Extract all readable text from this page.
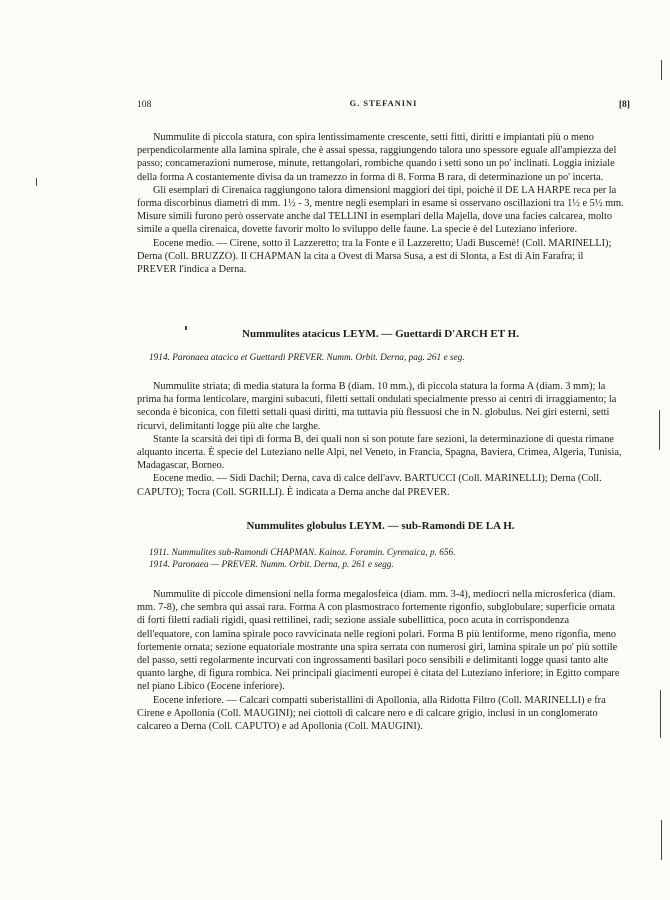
108	G. STEFANINI	[8]

Nummulite di piccola statura, con spira lentissimamente crescente, setti fitti, diritti e impiantati più o meno perpendicolarmente alla lamina spirale, che è assai spessa, raggiungendo talora uno spessore eguale all'ampiezza del passo; concamerazioni numerose, minute, rettangolari, rombiche quando i setti sono un po' inclinati. Loggia iniziale della forma A costantemente divisa da un tramezzo in forma di 8. Forma B rara, di determinazione un po' incerta.

Gli esemplari di Cirenaica raggiungono talora dimensioni maggiori dei tipi, poichè il DE LA HARPE reca per la forma discorbinus diametri di mm. 1½ - 3, mentre negli esemplari in esame si osservano oscillazioni tra 1½ e 5½ mm. Misure simili furono però osservate anche dal TELLINI in esemplari della Majella, dove una facies calcarea, molto simile a quella cirenaica, dovette favorir molto lo sviluppo delle faune. La specie è del Luteziano inferiore.

Eocene medio. — Cirene, sotto il Lazzeretto; tra la Fonte e il Lazzeretto; Uadi Buscemè! (Coll. MARINELLI); Derna (Coll. BRUZZO). Il CHAPMAN la cita a Ovest di Marsa Susa, a est di Slonta, a Est di Ain Farafra; il PREVER l'indica a Derna.

Nummulites atacicus LEYM. — Guettardi D'ARCH ET H.

1914. Paronaea atacica et Guettardi PREVER. Numm. Orbit. Derna, pag. 261 e seg.

Nummulite striata; di media statura la forma B (diam. 10 mm.), di piccola statura la forma A (diam. 3 mm); la prima ha forma lenticolare, margini subacuti, filetti settali ondulati specialmente presso ai centri di irraggiamento; la seconda è biconica, con filetti settali quasi diritti, ma tuttavia più flessuosi che in N. globulus. Nei giri esterni, setti ricurvi, delimitanti logge più alte che larghe.

Stante la scarsità dei tipi di forma B, dei quali non si son potute fare sezioni, la determinazione di questa rimane alquanto incerta. È specie del Luteziano nelle Alpi, nel Veneto, in Francia, Spagna, Baviera, Crimea, Algeria, Tunisia, Madagascar, Borneo.

Eocene medio. — Sidi Dachil; Derna, cava di calce dell'avv. BARTUCCI (Coll. MARINELLI); Derna (Coll. CAPUTO); Tocra (Coll. SGRILLI). È indicata a Derna anche dal PREVER.

Nummulites globulus LEYM. — sub-Ramondi DE LA H.

1911. Nummulites sub-Ramondi CHAPMAN. Kainoz. Foramin. Cyrenaica, p. 656.

1914. Paronaea — PREVER. Numm. Orbit. Derna, p. 261 e segg.

Nummulite di piccole dimensioni nella forma megalosfeica (diam. mm. 3-4), mediocri nella microsferica (diam. mm. 7-8), che sembra qui assai rara. Forma A con plasmostraco fortemente rigonfio, subglobulare; superficie ornata di forti filetti radiali rigidi, quasi rettilinei, radi; sezione assiale subellittica, poco acuta in corrispondenza dell'equatore, con lamina spirale poco ravvicinata nelle regioni polari. Forma B più lentiforme, meno rigonfia, meno fortemente ornata; sezione equatoriale mostrante una spira serrata con numerosi giri, lamina spirale un po' più sottile del passo, setti regolarmente incurvati con ingrossamenti basilari poco sensibili e delimitanti logge quasi tanto alte quanto larghe, di figura rombica. Nei principali giacimenti europei è citata del Luteziano inferiore; in Egitto compare nel piano Libico (Eocene inferiore).

Eocene inferiore. — Calcari compatti suberistallini di Apollonia, alla Ridotta Filtro (Coll. MARINELLI) e fra Cirene e Apollonia (Coll. MAUGINI); nei ciottoli di calcare nero e di calcare grigio, inclusi in un conglomerato calcareo a Derna (Coll. CAPUTO) e ad Apollonia (Coll. MAUGINI).
